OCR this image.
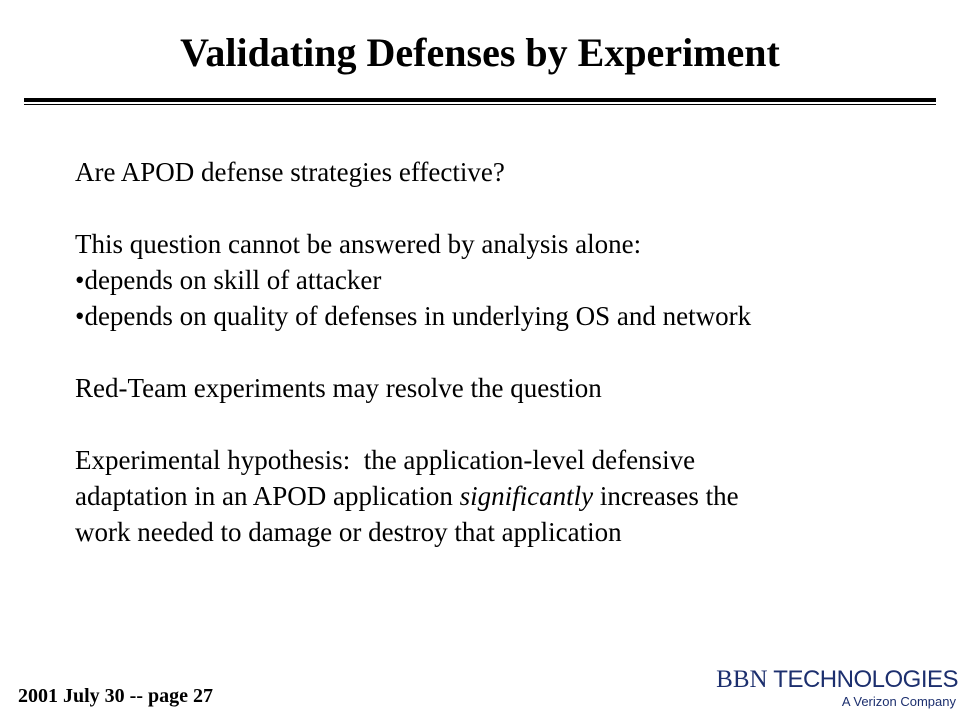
Validating Defenses by Experiment
Are APOD defense strategies effective?
This question cannot be answered by analysis alone:
•depends on skill of attacker
•depends on quality of defenses in underlying OS and network
Red-Team experiments may resolve the question
Experimental hypothesis:  the application-level defensive
adaptation in an APOD application significantly increases the
work needed to damage or destroy that application
2001 July 30 -- page 27
BBN TECHNOLOGIES
A Verizon Company
